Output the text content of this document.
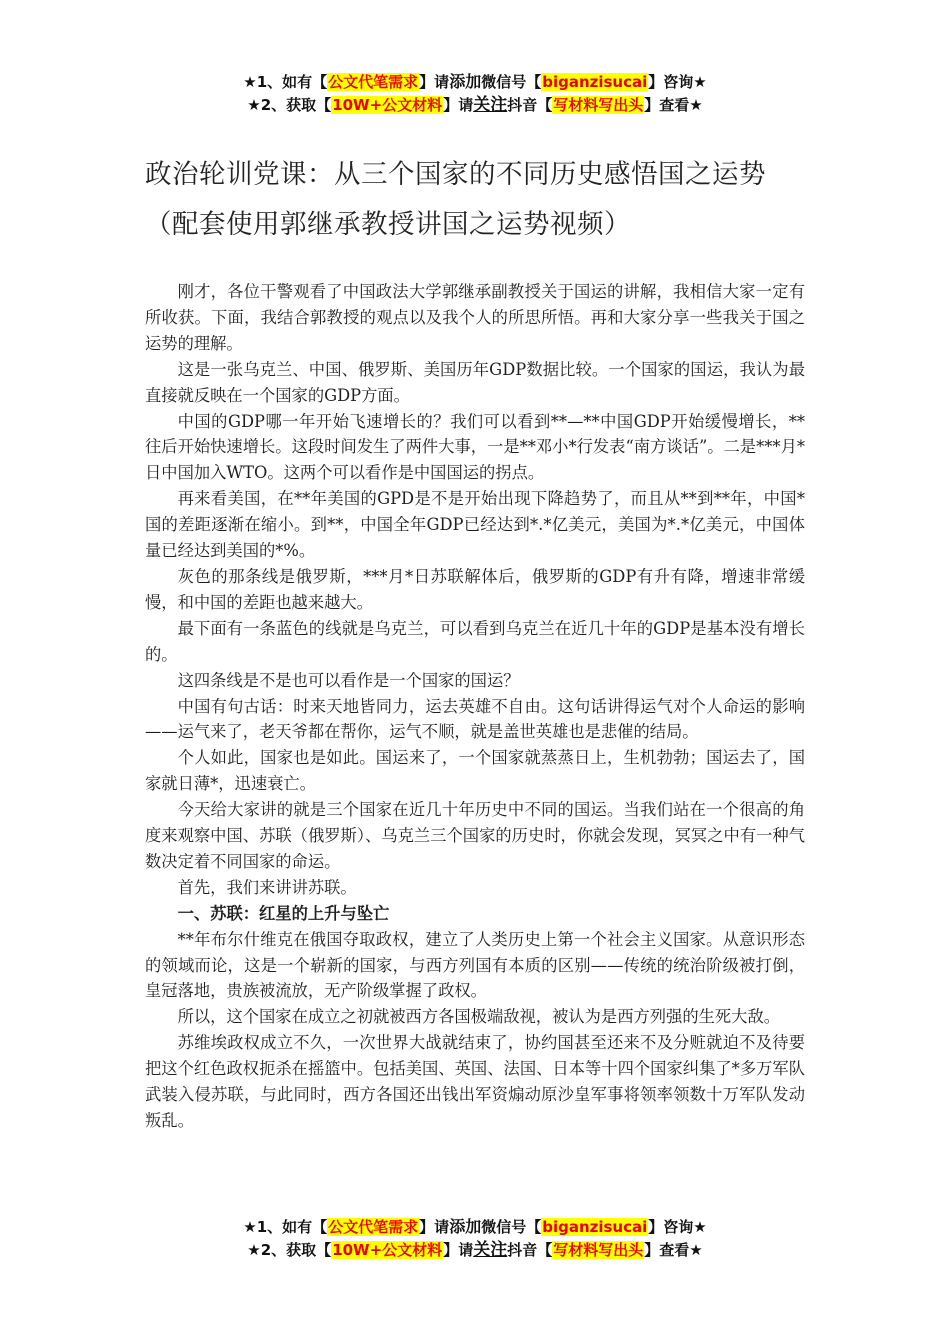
★1、如有【公文代笔需求】请添加微信号【biganzisucai】咨询★
★2、获取【10W+公文材料】请关注抖音【写材料写出头】查看★
政治轮训党课：从三个国家的不同历史感悟国之运势
（配套使用郭继承教授讲国之运势视频）

刚才，各位干警观看了中国政法大学郭继承副教授关于国运的讲解，我相信大家一定有所收获。下面，我结合郭教授的观点以及我个人的所思所悟。再和大家分享一些我关于国之运势的理解。

这是一张乌克兰、中国、俄罗斯、美国历年GDP数据比较。一个国家的国运，我认为最直接就反映在一个国家的GDP方面。

中国的GDP哪一年开始飞速增长的？我们可以看到**—**中国GDP开始缓慢增长，**往后开始快速增长。这段时间发生了两件大事，一是**邓小*行发表“南方谈话”。二是***月*日中国加入WTO。这两个可以看作是中国国运的拐点。

再来看美国，在**年美国的GPD是不是开始出现下降趋势了，而且从**到**年，中国*国的差距逐渐在缩小。到**，中国全年GDP已经达到*.*亿美元，美国为*.*亿美元，中国体量已经达到美国的*%。

灰色的那条线是俄罗斯，***月*日苏联解体后，俄罗斯的GDP有升有降，增速非常缓慢，和中国的差距也越来越大。

最下面有一条蓝色的线就是乌克兰，可以看到乌克兰在近几十年的GDP是基本没有增长的。

这四条线是不是也可以看作是一个国家的国运？

中国有句古话：时来天地皆同力，运去英雄不自由。这句话讲得运气对个人命运的影响——运气来了，老天爷都在帮你，运气不顺，就是盖世英雄也是悲催的结局。

个人如此，国家也是如此。国运来了，一个国家就蒸蒸日上，生机勃勃；国运去了，国家就日薄*，迅速衰亡。

今天给大家讲的就是三个国家在近几十年历史中不同的国运。当我们站在一个很高的角度来观察中国、苏联（俄罗斯）、乌克兰三个国家的历史时，你就会发现，冥冥之中有一种气数决定着不同国家的命运。

首先，我们来讲讲苏联。

一、苏联：红星的上升与坠亡

**年布尔什维克在俄国夺取政权，建立了人类历史上第一个社会主义国家。从意识形态的领域而论，这是一个崭新的国家，与西方列国有本质的区别——传统的统治阶级被打倒，皇冠落地，贵族被流放，无产阶级掌握了政权。

所以，这个国家在成立之初就被西方各国极端敌视，被认为是西方列强的生死大敌。

苏维埃政权成立不久，一次世界大战就结束了，协约国甚至还来不及分赃就迫不及待要把这个红色政权扼杀在摇篮中。包括美国、英国、法国、日本等十四个国家纠集了*多万军队武装入侵苏联，与此同时，西方各国还出钱出军资煽动原沙皇军事将领率领数十万军队发动叛乱。

★1、如有【公文代笔需求】请添加微信号【biganzisucai】咨询★
★2、获取【10W+公文材料】请关注抖音【写材料写出头】查看★
